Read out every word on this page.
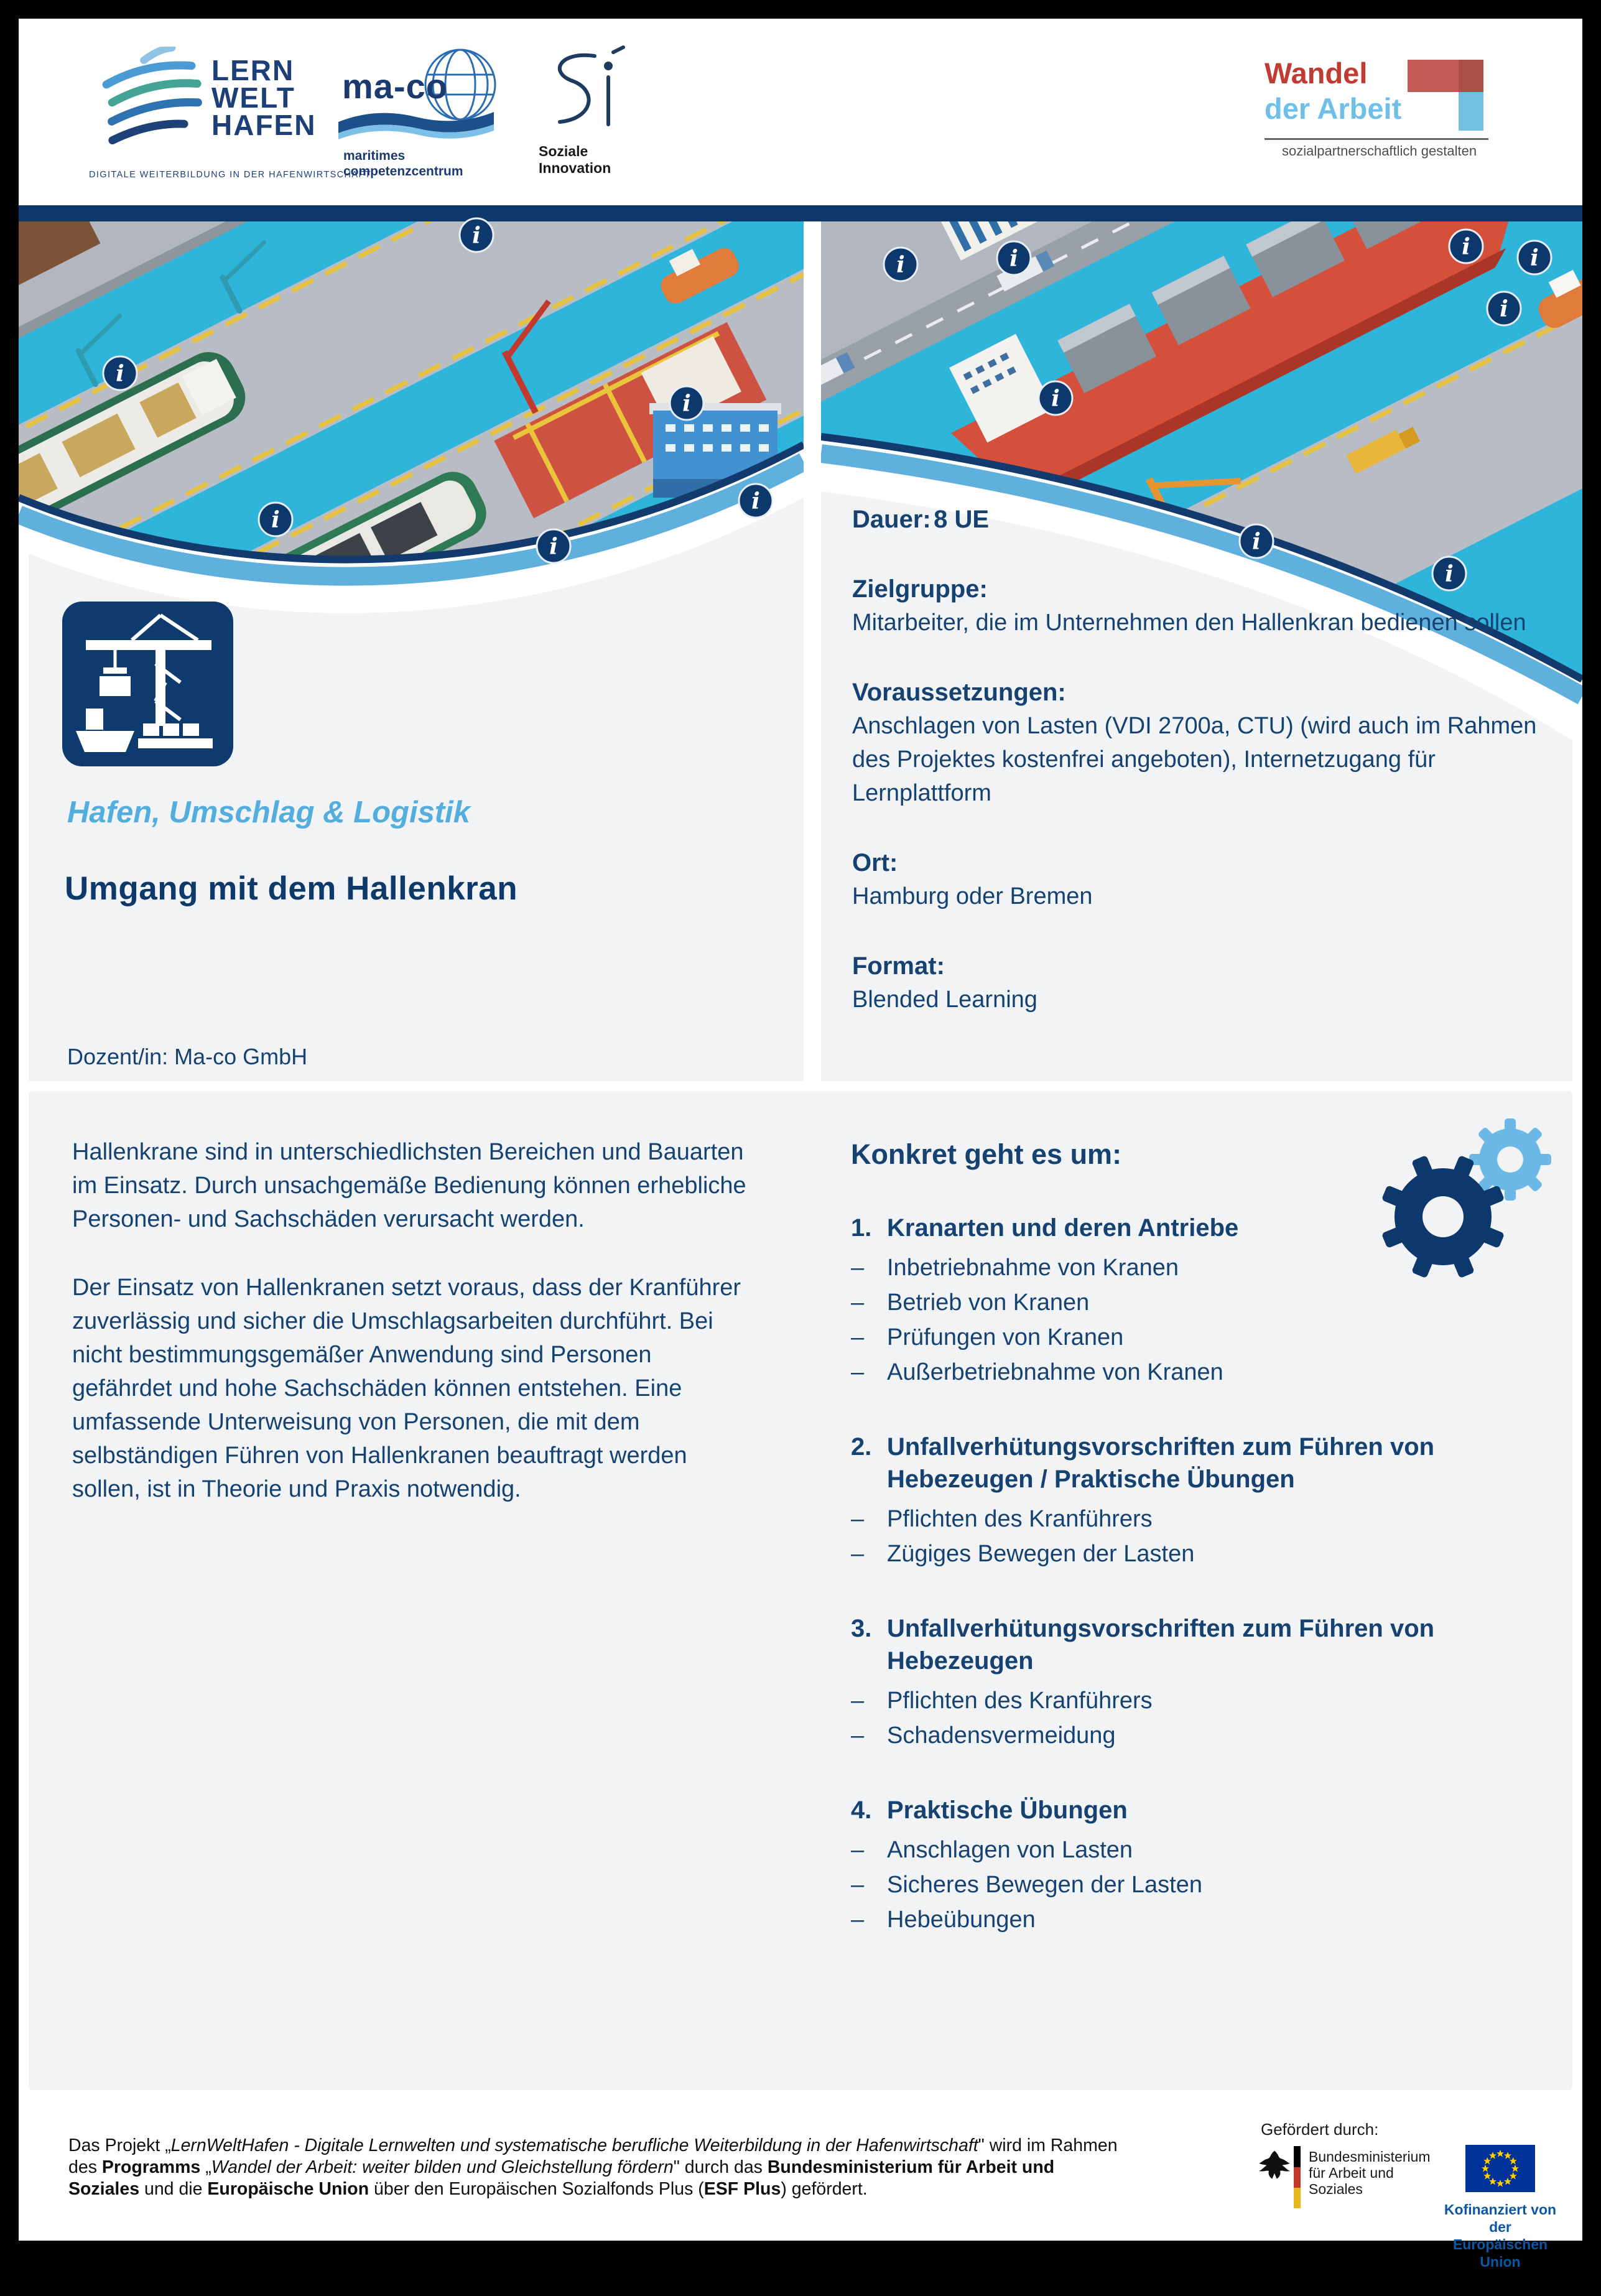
LERN
WELT
HAFEN
DIGITALE WEITERBILDUNG IN DER HAFENWIRTSCHAFT
ma-co
maritimes
competenzcentrum
Soziale
Innovation
Wandel
der Arbeit
sozialpartnerschaftlich gestalten
i
i
i
i
i
i
i	i
i
i	i
i
i
i
Hafen, Umschlag & Logistik
Umgang mit dem Hallenkran
Dozent/in: Ma-co GmbH
Dauer: 8 UE
Zielgruppe:
Mitarbeiter, die im Unternehmen den Hallenkran bedienen sollen
Voraussetzungen:
Anschlagen von Lasten (VDI 2700a, CTU) (wird auch im Rahmen des Projektes kostenfrei angeboten), Internetzugang für Lernplattform
Ort:
Hamburg oder Bremen
Format:
Blended Learning

Hallenkrane sind in unterschiedlichsten Bereichen und Bauarten im Einsatz. Durch unsachgemäße Bedienung können erhebliche Personen- und Sachschäden verursacht werden.

Der Einsatz von Hallenkranen setzt voraus, dass der Kranführer zuverlässig und sicher die Umschlagsarbeiten durchführt. Bei nicht bestimmungsgemäßer Anwendung sind Personen gefährdet und hohe Sachschäden können entstehen. Eine umfassende Unterweisung von Personen, die mit dem selbständigen Führen von Hallenkranen beauftragt werden sollen, ist in Theorie und Praxis notwendig.

Konkret geht es um:

1. Kranarten und deren Antriebe
– Inbetriebnahme von Kranen
– Betrieb von Kranen
– Prüfungen von Kranen
– Außerbetriebnahme von Kranen
2. Unfallverhütungsvorschriften zum Führen von Hebezeugen / Praktische Übungen
– Pflichten des Kranführers
– Zügiges Bewegen der Lasten
3. Unfallverhütungsvorschriften zum Führen von Hebezeugen
– Pflichten des Kranführers
– Schadensvermeidung
4. Praktische Übungen
– Anschlagen von Lasten
– Sicheres Bewegen der Lasten
– Hebeübungen
Das Projekt „LernWeltHafen - Digitale Lernwelten und systematische berufliche Weiterbildung in der Hafenwirtschaft" wird im Rahmen des Programms „Wandel der Arbeit: weiter bilden und Gleichstellung fördern" durch das Bundesministerium für Arbeit und Soziales und die Europäische Union über den Europäischen Sozialfonds Plus (ESF Plus) gefördert.
Gefördert durch:
Bundesministerium
für Arbeit und Soziales
Kofinanziert von der
Europäischen Union
